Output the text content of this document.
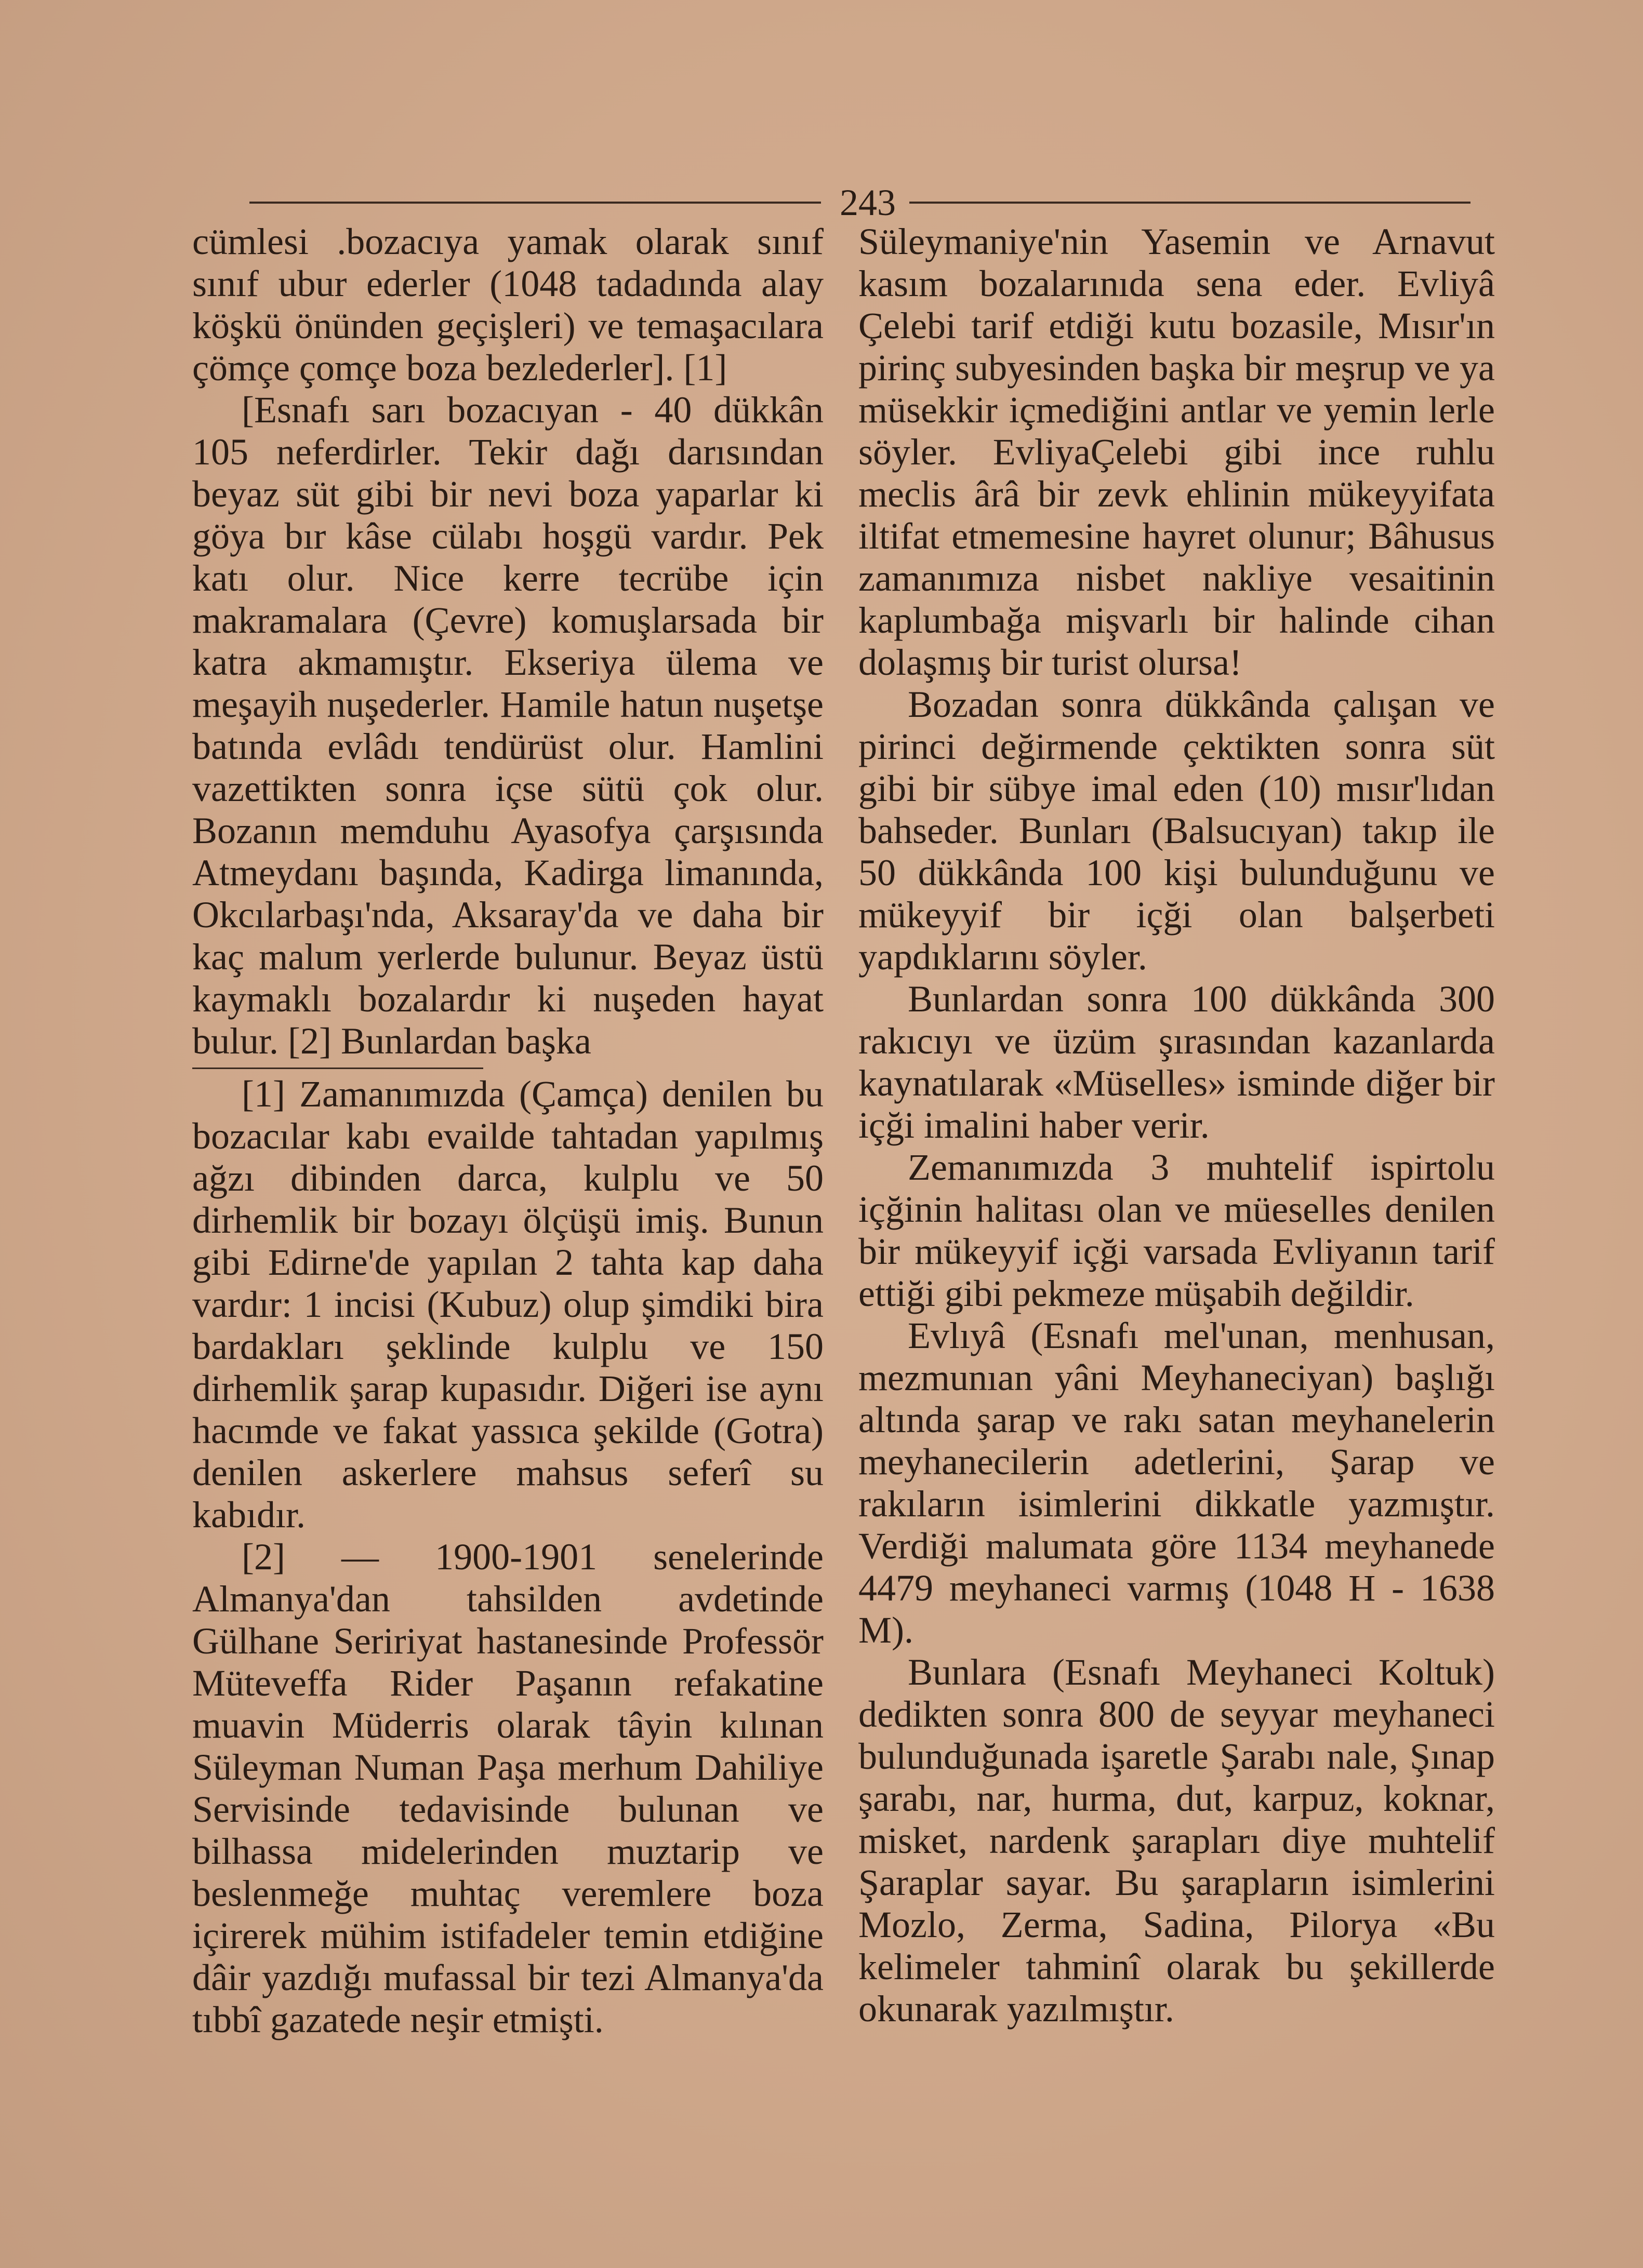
243

cümlesi .bozacıya yamak olarak sınıf sınıf ubur ederler (1048 tadadında alay köşkü önünden geçişleri) ve temaşacılara çömçe çomçe boza bezlederler]. [1]

[Esnafı sarı bozacıyan - 40 dükkân 105 neferdirler. Tekir dağı darısından beyaz süt gibi bir nevi boza yaparlar ki göya bır kâse cülabı hoşgü vardır. Pek katı olur. Nice kerre tecrübe için makramalara (Çevre) komuşlarsada bir katra akmamıştır. Ekseriya ülema ve meşayih nuşederler. Hamile hatun nuşetşe batında evlâdı tendürüst olur. Hamlini vazettikten sonra içse sütü çok olur. Bozanın memduhu Ayasofya çarşısında Atmeydanı başında, Kadirga limanında, Okcılarbaşı'nda, Aksaray'da ve daha bir kaç malum yerlerde bulunur. Beyaz üstü kaymaklı bozalardır ki nuşeden hayat bulur. [2] Bunlardan başka

[1] Zamanımızda (Çamça) denilen bu bozacılar kabı evailde tahtadan yapılmış ağzı dibinden darca, kulplu ve 50 dirhemlik bir bozayı ölçüşü imiş. Bunun gibi Edirne'de yapılan 2 tahta kap daha vardır: 1 incisi (Kubuz) olup şimdiki bira bardakları şeklinde kulplu ve 150 dirhemlik şarap kupasıdır. Diğeri ise aynı hacımde ve fakat yassıca şekilde (Gotra) denilen askerlere mahsus seferî su kabıdır.

[2] — 1900-1901 senelerinde Almanya'dan tahsilden avdetinde Gülhane Seririyat hastanesinde Professör Müteveffa Rider Paşanın refakatine muavin Müderris olarak tâyin kılınan Süleyman Numan Paşa merhum Dahiliye Servisinde tedavisinde bulunan ve bilhassa midelerinden muztarip ve beslenmeğe muhtaç veremlere boza içirerek mühim istifadeler temin etdiğine dâir yazdığı mufassal bir tezi Almanya'da tıbbî gazatede neşir etmişti.

Süleymaniye'nin Yasemin ve Arnavut kasım bozalarınıda sena eder. Evliyâ Çelebi tarif etdiği kutu bozasile, Mısır'ın pirinç subyesinden başka bir meşrup ve ya müsekkir içmediğini antlar ve yemin lerle söyler. EvliyaÇelebi gibi ince ruhlu meclis ârâ bir zevk ehlinin mükeyyifata iltifat etmemesine hayret olunur; Bâhusus zamanımıza nisbet nakliye vesaitinin kaplumbağa mişvarlı bir halinde cihan dolaşmış bir turist olursa!

Bozadan sonra dükkânda çalışan ve pirinci değirmende çektikten sonra süt gibi bir sübye imal eden (10) mısır'lıdan bahseder. Bunları (Balsucıyan) takıp ile 50 dükkânda 100 kişi bulunduğunu ve mükeyyif bir içği olan balşerbeti yapdıklarını söyler.

Bunlardan sonra 100 dükkânda 300 rakıcıyı ve üzüm şırasından kazanlarda kaynatılarak «Müselles» isminde diğer bir içği imalini haber verir.

Zemanımızda 3 muhtelif ispirtolu içğinin halitası olan ve müeselles denilen bir mükeyyif içği varsada Evliyanın tarif ettiği gibi pekmeze müşabih değildir.

Evlıyâ (Esnafı mel'unan, menhusan, mezmunıan yâni Meyhaneciyan) başlığı altında şarap ve rakı satan meyhanelerin meyhanecilerin adetlerini, Şarap ve rakıların isimlerini dikkatle yazmıştır. Verdiği malumata göre 1134 meyhanede 4479 meyhaneci varmış (1048 H - 1638 M).

Bunlara (Esnafı Meyhaneci Koltuk) dedikten sonra 800 de seyyar meyhaneci bulunduğunada işaretle Şarabı nale, Şınap şarabı, nar, hurma, dut, karpuz, koknar, misket, nardenk şarapları diye muhtelif Şaraplar sayar. Bu şarapların isimlerini Mozlo, Zerma, Sadina, Pilorya «Bu kelimeler tahminî olarak bu şekillerde okunarak yazılmıştır.
